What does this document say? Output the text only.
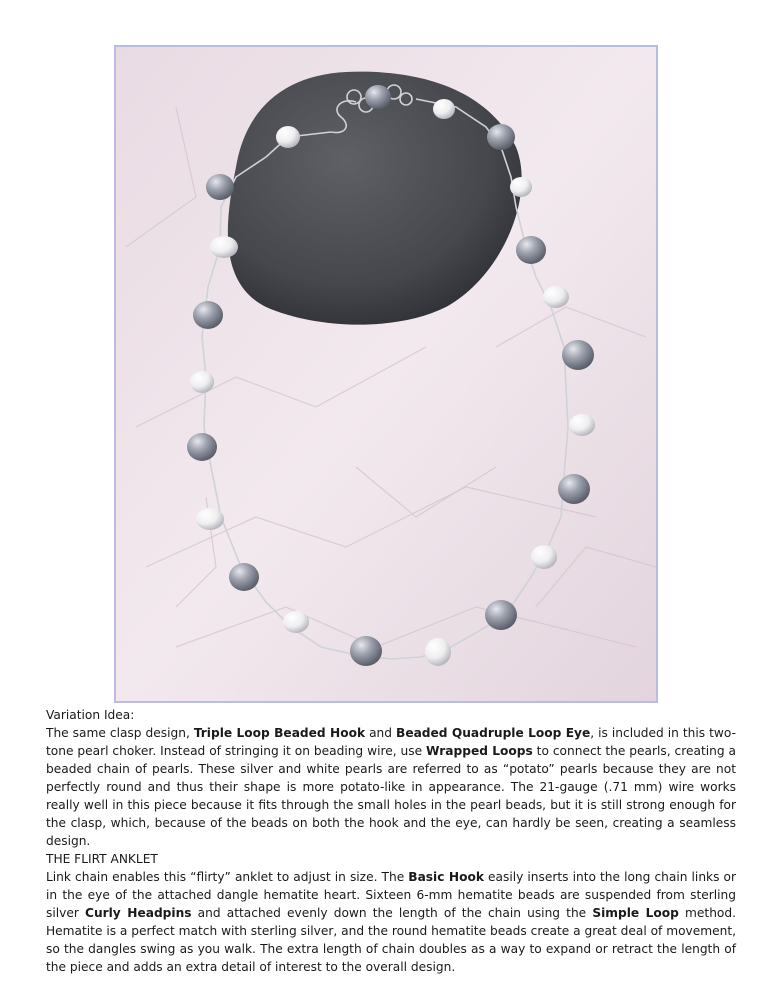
Variation Idea:

The same clasp design, Triple Loop Beaded Hook and Beaded Quadruple Loop Eye, is included in this two-tone pearl choker. Instead of stringing it on beading wire, use Wrapped Loops to connect the pearls, creating a beaded chain of pearls. These silver and white pearls are referred to as “potato” pearls because they are not perfectly round and thus their shape is more potato-like in appearance. The 21-gauge (.71 mm) wire works really well in this piece because it fits through the small holes in the pearl beads, but it is still strong enough for the clasp, which, because of the beads on both the hook and the eye, can hardly be seen, creating a seamless design.

THE FLIRT ANKLET

Link chain enables this “flirty” anklet to adjust in size. The Basic Hook easily inserts into the long chain links or in the eye of the attached dangle hematite heart. Sixteen 6-mm hematite beads are suspended from sterling silver Curly Headpins and attached evenly down the length of the chain using the Simple Loop method. Hematite is a perfect match with sterling silver, and the round hematite beads create a great deal of movement, so the dangles swing as you walk. The extra length of chain doubles as a way to expand or retract the length of the piece and adds an extra detail of interest to the overall design.
